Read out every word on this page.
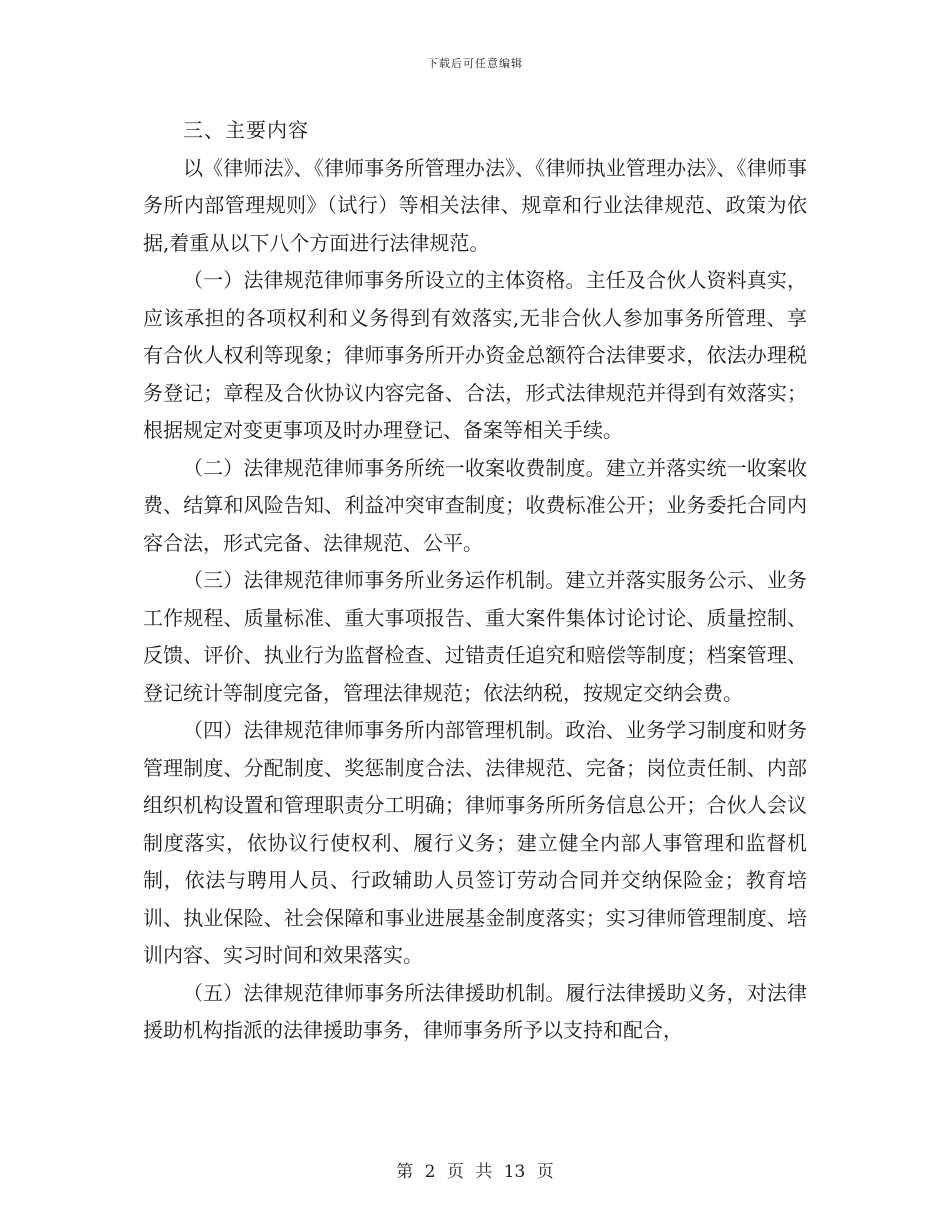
下载后可任意编辑

三、主要内容

以《律师法》、《律师事务所管理办法》、《律师执业管理办法》、《律师事务所内部管理规则》（试行）等相关法律、规章和行业法律规范、政策为依据,着重从以下八个方面进行法律规范。

（一）法律规范律师事务所设立的主体资格。主任及合伙人资料真实，应该承担的各项权利和义务得到有效落实,无非合伙人参加事务所管理、享有合伙人权利等现象；律师事务所开办资金总额符合法律要求，依法办理税务登记；章程及合伙协议内容完备、合法，形式法律规范并得到有效落实；根据规定对变更事项及时办理登记、备案等相关手续。

（二）法律规范律师事务所统一收案收费制度。建立并落实统一收案收费、结算和风险告知、利益冲突审查制度；收费标准公开；业务委托合同内容合法，形式完备、法律规范、公平。

（三）法律规范律师事务所业务运作机制。建立并落实服务公示、业务工作规程、质量标准、重大事项报告、重大案件集体讨论讨论、质量控制、反馈、评价、执业行为监督检查、过错责任追究和赔偿等制度；档案管理、登记统计等制度完备，管理法律规范；依法纳税，按规定交纳会费。

（四）法律规范律师事务所内部管理机制。政治、业务学习制度和财务管理制度、分配制度、奖惩制度合法、法律规范、完备；岗位责任制、内部组织机构设置和管理职责分工明确；律师事务所所务信息公开；合伙人会议制度落实，依协议行使权利、履行义务；建立健全内部人事管理和监督机制，依法与聘用人员、行政辅助人员签订劳动合同并交纳保险金；教育培训、执业保险、社会保障和事业进展基金制度落实；实习律师管理制度、培训内容、实习时间和效果落实。

（五）法律规范律师事务所法律援助机制。履行法律援助义务，对法律援助机构指派的法律援助事务，律师事务所予以支持和配合，

第 2 页 共 13 页
